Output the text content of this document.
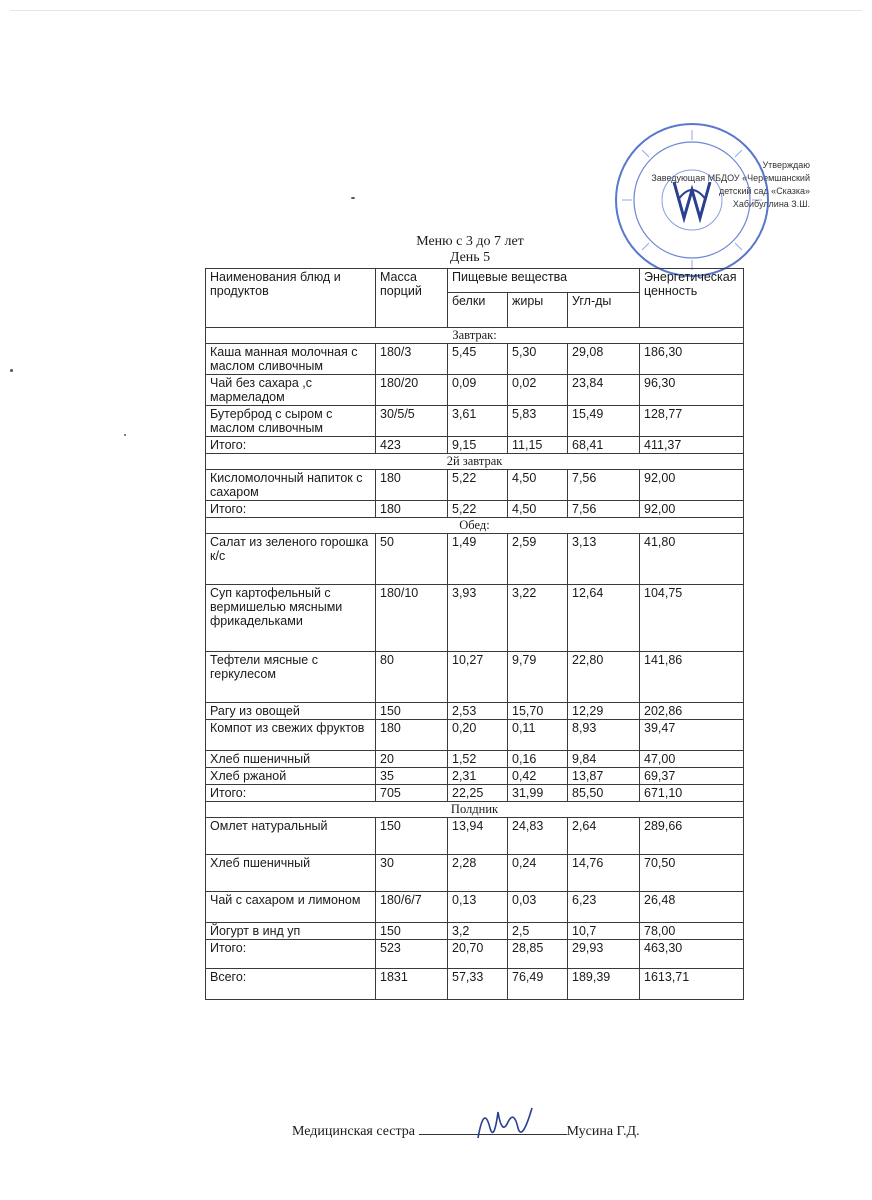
Утверждаю
Заведующая МБДОУ «Черемшанский
детский сад «Сказка»
Хабибуллина З.Ш.
Меню с 3 до 7 лет
День 5
Наименования блюд и продуктов	Масса порций	Пищевые вещества			Энергетическая ценность
		белки	жиры	Угл-ды	
Завтрак:					
Каша манная молочная с маслом сливочным	180/3	5,45	5,30	29,08	186,30
Чай без сахара ,с мармеладом	180/20	0,09	0,02	23,84	96,30
Бутерброд с сыром с маслом сливочным	30/5/5	3,61	5,83	15,49	128,77
Итого:	423	9,15	11,15	68,41	411,37
2й завтрак					
Кисломолочный напиток с сахаром	180	5,22	4,50	7,56	92,00
Итого:	180	5,22	4,50	7,56	92,00
Обед:					
Салат из зеленого горошка к/с	50	1,49	2,59	3,13	41,80
Суп картофельный с вермишелью мясными фрикадельками	180/10	3,93	3,22	12,64	104,75
Тефтели мясные с геркулесом	80	10,27	9,79	22,80	141,86
Рагу из овощей	150	2,53	15,70	12,29	202,86
Компот из свежих фруктов	180	0,20	0,11	8,93	39,47
Хлеб пшеничный	20	1,52	0,16	9,84	47,00
Хлеб ржаной	35	2,31	0,42	13,87	69,37
Итого:	705	22,25	31,99	85,50	671,10
Полдник					
Омлет натуральный	150	13,94	24,83	2,64	289,66
Хлеб пшеничный	30	2,28	0,24	14,76	70,50
Чай с сахаром и лимоном	180/6/7	0,13	0,03	6,23	26,48
Йогурт в инд уп	150	3,2	2,5	10,7	78,00
Итого:	523	20,70	28,85	29,93	463,30
Всего:	1831	57,33	76,49	189,39	1613,71
Медицинская сестра	Мусина Г.Д.
